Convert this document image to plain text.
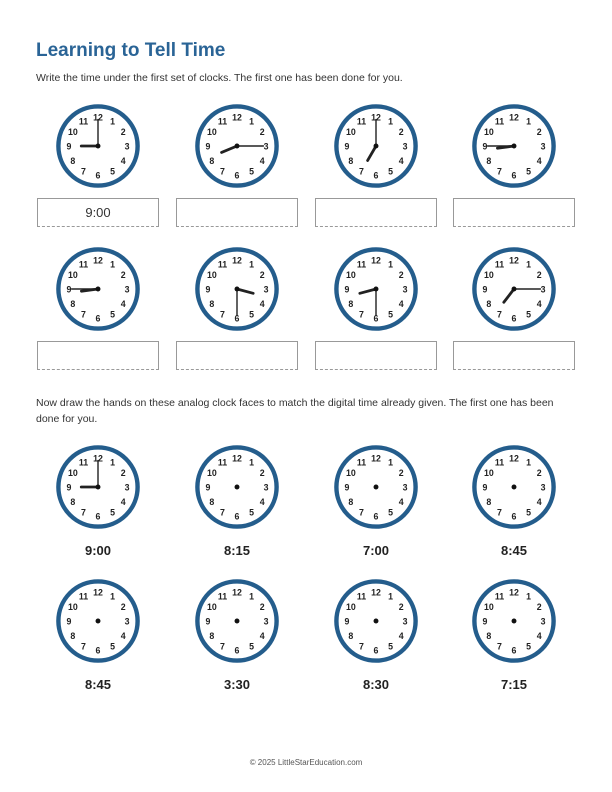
Learning to Tell Time

Write the time under the first set of clocks. The first one has been done for you.

Now draw the hands on these analog clock faces to match the digital time already given. The first one has been done for you.

12 1
2
3
4
5
6
7
8
9
10
11
9:00
12 1
2
3
4
5
6
7
8
9
10
11	12 1
2
3
4
5
6
7
8
9
10
11	12 1
2
3
4
5
6
7
8
9
10
11
12 1
2
3
4
5
6
7
8
9
10
11	12 1
2
3
4
5
6
7
8
9
10
11	12 1
2
3
4
5
6
7
8
9
10
11	12 1
2
3
4
5
6
7
8
9
10
11
12 1
2
3
4
5
6
7
8
9
10
11
9:00
12 1
2
3
4
5
6
7
8
9
10
11
8:15
12 1
2
3
4
5
6
7
8
9
10
11
7:00
12 1
2
3
4
5
6
7
8
9
10
11
8:45
12 1
2
3
4
5
6
7
8
9
10
11
8:45
12 1
2
3
4
5
6
7
8
9
10
11
3:30
12 1
2
3
4
5
6
7
8
9
10
11
8:30
12 1
2
3
4
5
6
7
8
9
10
11
7:15
© 2025 LittleStarEducation.com
